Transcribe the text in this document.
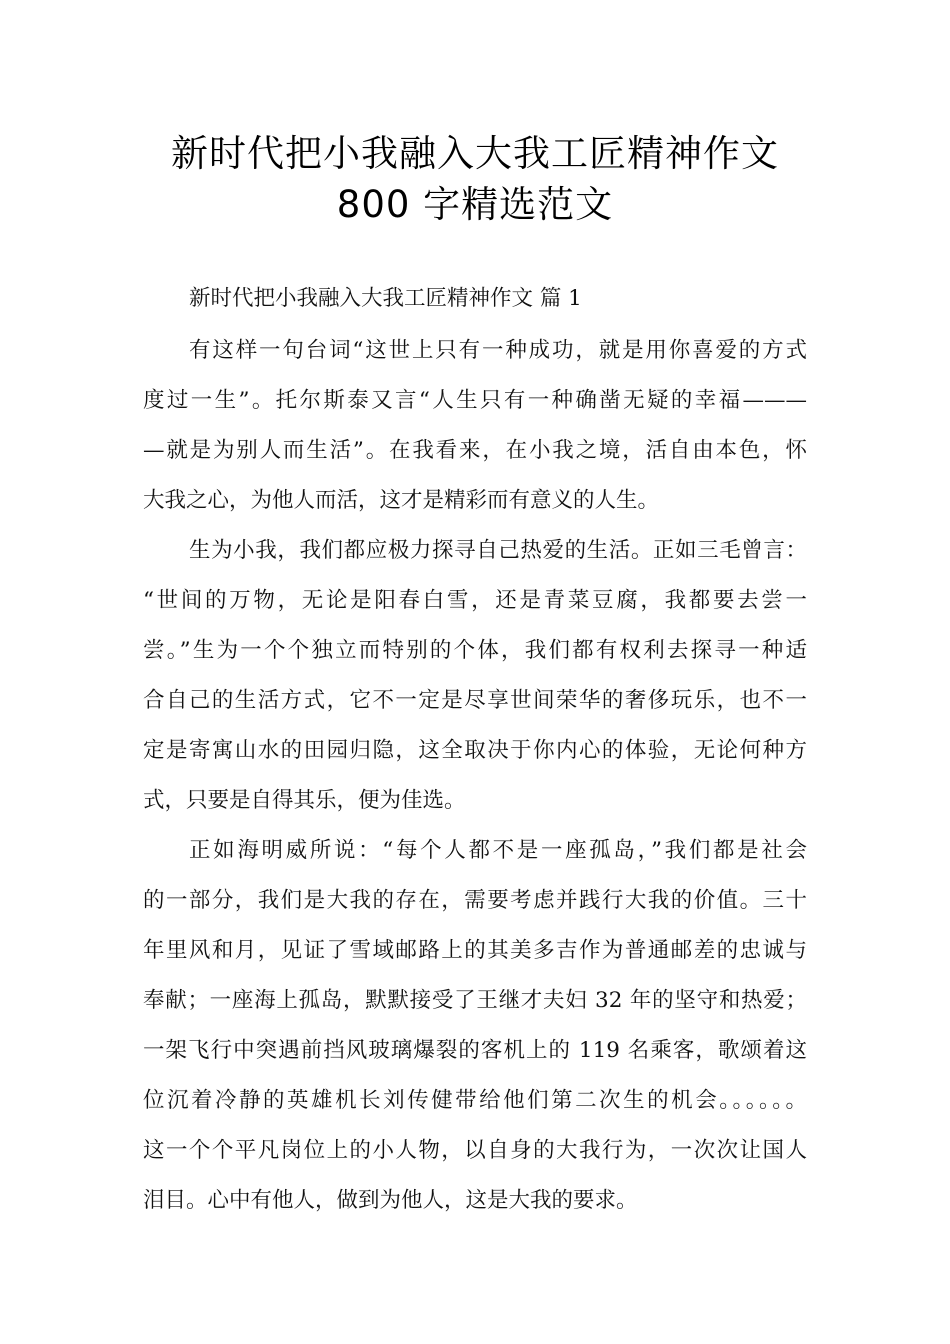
新时代把小我融入大我工匠精神作文
800 字精选范文
新时代把小我融入大我工匠精神作文 篇 1
有这样一句台词“这世上只有一种成功，就是用你喜爱的方式
度过一生”。托尔斯泰又言“人生只有一种确凿无疑的幸福———
—就是为别人而生活”。在我看来，在小我之境，活自由本色，怀
大我之心，为他人而活，这才是精彩而有意义的人生。
生为小我，我们都应极力探寻自己热爱的生活。正如三毛曾言：
“世间的万物，无论是阳春白雪，还是青菜豆腐，我都要去尝一
尝。”生为一个个独立而特别的个体，我们都有权利去探寻一种适
合自己的生活方式，它不一定是尽享世间荣华的奢侈玩乐，也不一
定是寄寓山水的田园归隐，这全取决于你内心的体验，无论何种方
式，只要是自得其乐，便为佳选。
正如海明威所说：“每个人都不是一座孤岛，”我们都是社会
的一部分，我们是大我的存在，需要考虑并践行大我的价值。三十
年里风和月，见证了雪域邮路上的其美多吉作为普通邮差的忠诚与
奉献；一座海上孤岛，默默接受了王继才夫妇 32 年的坚守和热爱；
一架飞行中突遇前挡风玻璃爆裂的客机上的 119 名乘客，歌颂着这
位沉着冷静的英雄机长刘传健带给他们第二次生的机会。。。。。。
这一个个平凡岗位上的小人物，以自身的大我行为，一次次让国人
泪目。心中有他人，做到为他人，这是大我的要求。
